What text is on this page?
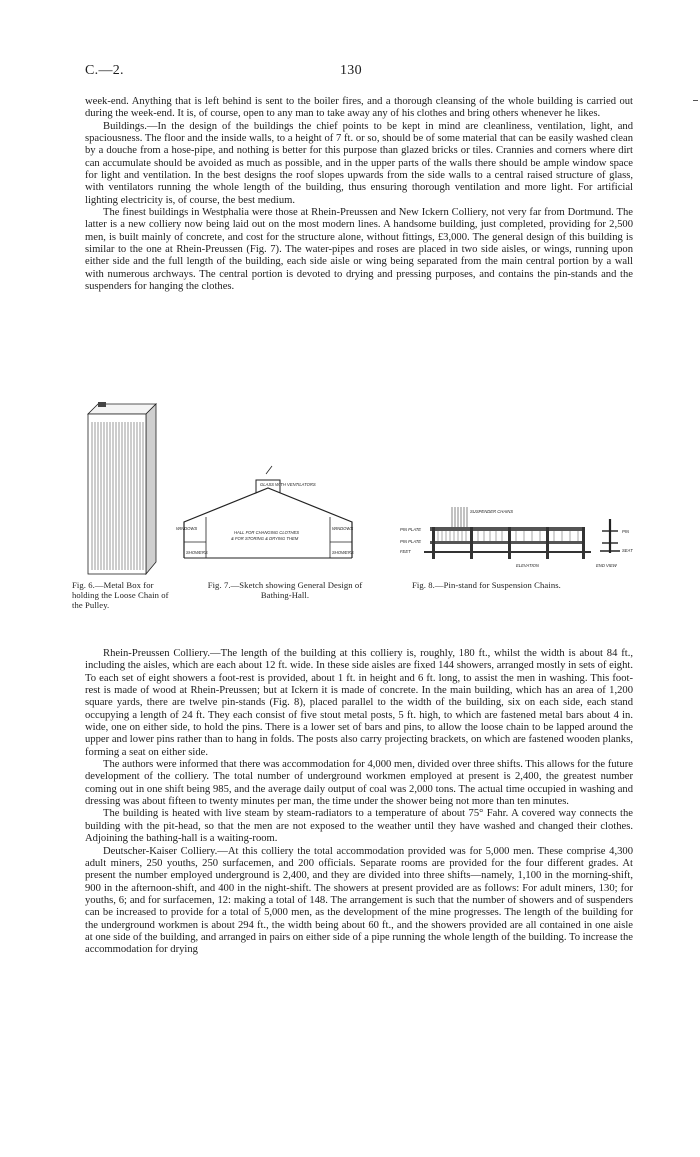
C.—2.	130

week-end. Anything that is left behind is sent to the boiler fires, and a thorough cleansing of the whole building is carried out during the week-end. It is, of course, open to any man to take away any of his clothes and bring others whenever he likes.

Buildings.—In the design of the buildings the chief points to be kept in mind are cleanliness, ventilation, light, and spaciousness. The floor and the inside walls, to a height of 7 ft. or so, should be of some material that can be easily washed clean by a douche from a hose-pipe, and nothing is better for this purpose than glazed bricks or tiles. Crannies and corners where dirt can accumulate should be avoided as much as possible, and in the upper parts of the walls there should be ample window space for light and ventilation. In the best designs the roof slopes upwards from the side walls to a central raised structure of glass, with ventilators running the whole length of the building, thus ensuring thorough ventilation and more light. For artificial lighting electricity is, of course, the best medium.

The finest buildings in Westphalia were those at Rhein-Preussen and New Ickern Colliery, not very far from Dortmund. The latter is a new colliery now being laid out on the most modern lines. A handsome building, just completed, providing for 2,500 men, is built mainly of concrete, and cost for the structure alone, without fittings, £3,000. The general design of this building is similar to the one at Rhein-Preussen (Fig. 7). The water-pipes and roses are placed in two side aisles, or wings, running upon either side and the full length of the building, each side aisle or wing being separated from the main central portion by a wall with numerous archways. The central portion is devoted to drying and pressing purposes, and contains the pin-stands and the suspenders for hanging the clothes.

GLASS WITH VENTILATORS
HALL FOR CHANGING CLOTHES
& FOR STORING & DRYING THEM
WINDOWS	WINDOWS
SHOWERS	SHOWERS
SUSPENDER CHAINS
PIN PLATE
PIN PLATE
FEET
PIN
SEAT
ELEVATION	END VIEW
Fig. 6.—Metal Box for holding the Loose Chain of the Pulley.
Fig. 7.—Sketch showing General Design of Bathing-Hall.
Fig. 8.—Pin-stand for Suspension Chains.

Rhein-Preussen Colliery.—The length of the building at this colliery is, roughly, 180 ft., whilst the width is about 84 ft., including the aisles, which are each about 12 ft. wide. In these side aisles are fixed 144 showers, arranged mostly in sets of eight. To each set of eight showers a foot-rest is provided, about 1 ft. in height and 6 ft. long, to assist the men in washing. This foot-rest is made of wood at Rhein-Preussen; but at Ickern it is made of concrete. In the main building, which has an area of 1,200 square yards, there are twelve pin-stands (Fig. 8), placed parallel to the width of the building, six on each side, each stand occupying a length of 24 ft. They each consist of five stout metal posts, 5 ft. high, to which are fastened metal bars about 4 in. wide, one on either side, to hold the pins. There is a lower set of bars and pins, to allow the loose chain to be lapped around the upper and lower pins rather than to hang in folds. The posts also carry projecting brackets, on which are fastened wooden planks, forming a seat on either side.

The authors were informed that there was accommodation for 4,000 men, divided over three shifts. This allows for the future development of the colliery. The total number of underground workmen employed at present is 2,400, the greatest number coming out in one shift being 985, and the average daily output of coal was 2,000 tons. The actual time occupied in washing and dressing was about fifteen to twenty minutes per man, the time under the shower being not more than ten minutes.

The building is heated with live steam by steam-radiators to a temperature of about 75° Fahr. A covered way connects the building with the pit-head, so that the men are not exposed to the weather until they have washed and changed their clothes. Adjoining the bathing-hall is a waiting-room.

Deutscher-Kaiser Colliery.—At this colliery the total accommodation provided was for 5,000 men. These comprise 4,300 adult miners, 250 youths, 250 surfacemen, and 200 officials. Separate rooms are provided for the four different grades. At present the number employed underground is 2,400, and they are divided into three shifts—namely, 1,100 in the morning-shift, 900 in the afternoon-shift, and 400 in the night-shift. The showers at present provided are as follows: For adult miners, 130; for youths, 6; and for surfacemen, 12: making a total of 148. The arrangement is such that the number of showers and of suspenders can be increased to provide for a total of 5,000 men, as the development of the mine progresses. The length of the building for the underground workmen is about 294 ft., the width being about 60 ft., and the showers provided are all contained in one aisle at one side of the building, and arranged in pairs on either side of a pipe running the whole length of the building. To increase the accommodation for drying
